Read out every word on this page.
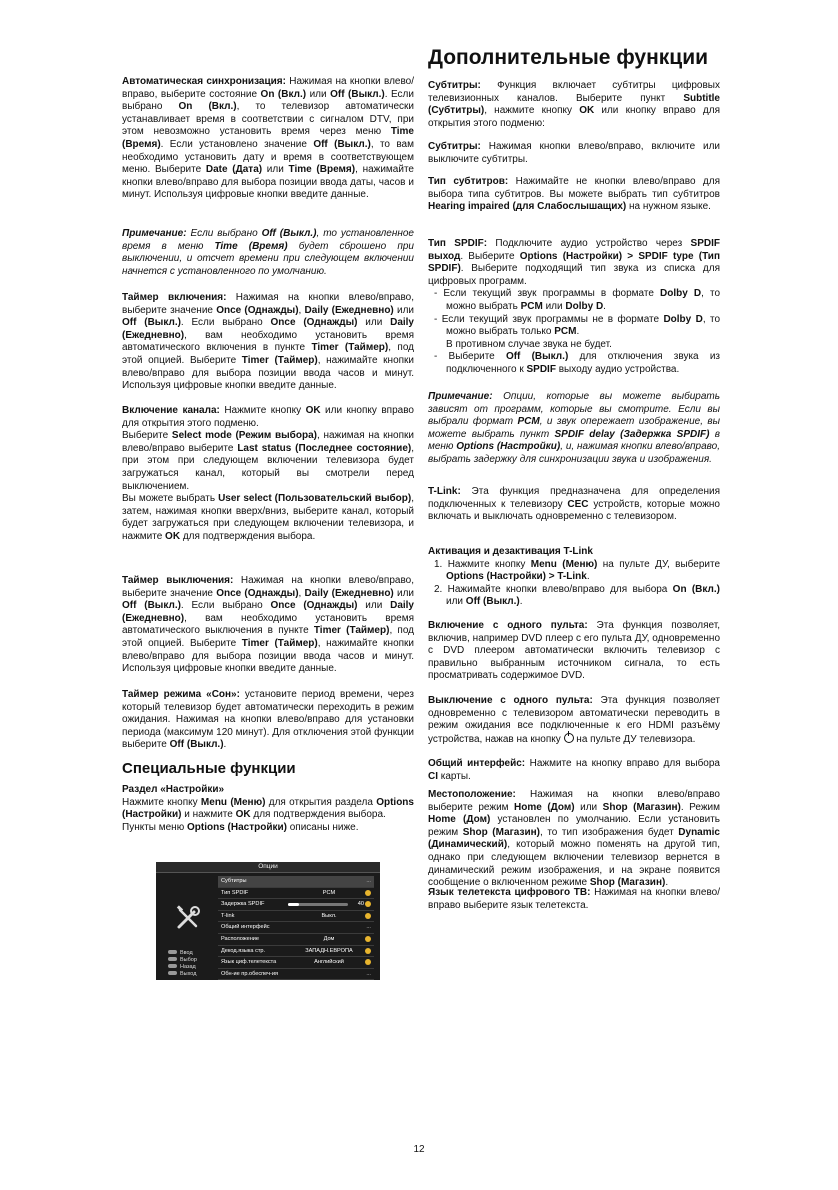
Дополнительные функции

Автоматическая синхронизация: Нажимая на кнопки влево/вправо, выберите состояние On (Вкл.) или Off (Выкл.). Если выбрано On (Вкл.), то телевизор автоматически устанавливает время в соответствии с сигналом DTV, при этом невозможно установить время через меню Time (Время). Если установлено значение Off (Выкл.), то вам необходимо установить дату и время в соответствующем меню. Выберите Date (Дата) или Time (Время), нажимайте кнопки влево/вправо для выбора позиции ввода даты, часов и минут. Используя цифровые кнопки введите данные.

Примечание: Если выбрано Off (Выкл.), то установленное время в меню Time (Время) будет сброшено при выключении, и отсчет времени при следующем включении начнется с установленного по умолчанию.

Таймер включения: Нажимая на кнопки влево/вправо, выберите значение Once (Однажды), Daily (Ежедневно) или Off (Выкл.). Если выбрано Once (Однажды) или Daily (Ежедневно), вам необходимо установить время автоматического включения в пункте Timer (Таймер), под этой опцией. Выберите Timer (Таймер), нажимайте кнопки влево/вправо для выбора позиции ввода часов и минут. Используя цифровые кнопки введите данные.

Включение канала: Нажмите кнопку OK или кнопку вправо для открытия этого подменю.

Выберите Select mode (Режим выбора), нажимая на кнопки влево/вправо выберите Last status (Последнее состояние), при этом при следующем включении телевизора будет загружаться канал, который вы смотрели перед выключением.

Вы можете выбрать User select (Пользовательский выбор), затем, нажимая кнопки вверх/вниз, выберите канал, который будет загружаться при следующем включении телевизора, и нажмите OK для подтверждения выбора.

Таймер выключения: Нажимая на кнопки влево/вправо, выберите значение Once (Однажды), Daily (Ежедневно) или Off (Выкл.). Если выбрано Once (Однажды) или Daily (Ежедневно), вам необходимо установить время автоматического выключения в пункте Timer (Таймер), под этой опцией. Выберите Timer (Таймер), нажимайте кнопки влево/вправо для выбора позиции ввода часов и минут. Используя цифровые кнопки введите данные.

Таймер режима «Сон»: установите период времени, через который телевизор будет автоматически переходить в режим ожидания. Нажимая на кнопки влево/вправо для установки периода (максимум 120 минут). Для отключения этой функции выберите Off (Выкл.).

Специальные функции

Раздел «Настройки»

Нажмите кнопку Menu (Меню) для открытия раздела Options (Настройки) и нажмите OK для подтверждения выбора.

Пункты меню Options (Настройки) описаны ниже.

Опции
Ввод
Выбор
Назад
Выход
Субтитры	...
Тип SPDIF	PCM
Задержка SPDIF	40
T-link	Выкл.
Общий интерфейс	...
Расположение	Дом
Декод.языка стр.	ЗАПАДН.ЕВРОПА
Язык циф.телетекста	Английский
Обн-ие пр.обеспеч-ия	...

Субтитры: Функция включает субтитры цифровых телевизионных каналов. Выберите пункт Subtitle (Субтитры), нажмите кнопку OK или кнопку вправо для открытия этого подменю:

Субтитры: Нажимая кнопки влево/вправо, включите или выключите субтитры.

Тип субтитров: Нажимайте не кнопки влево/вправо для выбора типа субтитров. Вы можете выбрать тип субтитров Hearing impaired (для Слабослышащих) на нужном языке.

Тип SPDIF: Подключите аудио устройство через SPDIF выход. Выберите Options (Настройки) > SPDIF type (Тип SPDIF). Выберите подходящий тип звука из списка для цифровых программ.

- Если текущий звук программы в формате Dolby D, то можно выбрать PCM или Dolby D.

- Если текущий звук программы не в формате Dolby D, то можно выбрать только PCM.

В противном случае звука не будет.

- Выберите Off (Выкл.) для отключения звука из подключенного к SPDIF выходу аудио устройства.

Примечание: Опции, которые вы можете выбирать зависят от программ, которые вы смотрите. Если вы выбрали формат PCM, и звук опережает изображение, вы можете выбрать пункт SPDIF delay (Задержка SPDIF) в меню Options (Настройки), и, нажимая кнопки влево/вправо, выбрать задержку для синхронизации звука и изображения.

T-Link: Эта функция предназначена для определения подключенных к телевизору CEC устройств, которые можно включать и выключать одновременно с телевизором.

Активация и дезактивация T-Link

1. Нажмите кнопку Menu (Меню) на пульте ДУ, выберите Options (Настройки) > T-Link.

2. Нажимайте кнопки влево/вправо для выбора On (Вкл.) или Off (Выкл.).

Включение с одного пульта: Эта функция позволяет, включив, например DVD плеер с его пульта ДУ, одновременно с DVD плеером автоматически включить телевизор с правильно выбранным источником сигнала, то есть просматривать содержимое DVD.

Выключение с одного пульта: Эта функция позволяет одновременно с телевизором автоматически переводить в режим ожидания все подключенные к его HDMI разъёму устройства, нажав на кнопку  на пульте ДУ телевизора.

Общий интерфейс: Нажмите на кнопку вправо для выбора CI карты.

Местоположение: Нажимая на кнопки влево/вправо выберите режим Home (Дом) или Shop (Магазин). Режим Home (Дом) установлен по умолчанию. Если установить режим Shop (Магазин), то тип изображения будет Dynamic (Динамический), который можно поменять на другой тип, однако при следующем включении телевизор вернется в динамический режим изображения, и на экране появится сообщение о включенном режиме Shop (Магазин).

Язык телетекста цифрового ТВ: Нажимая на кнопки влево/вправо выберите язык телетекста.

12
